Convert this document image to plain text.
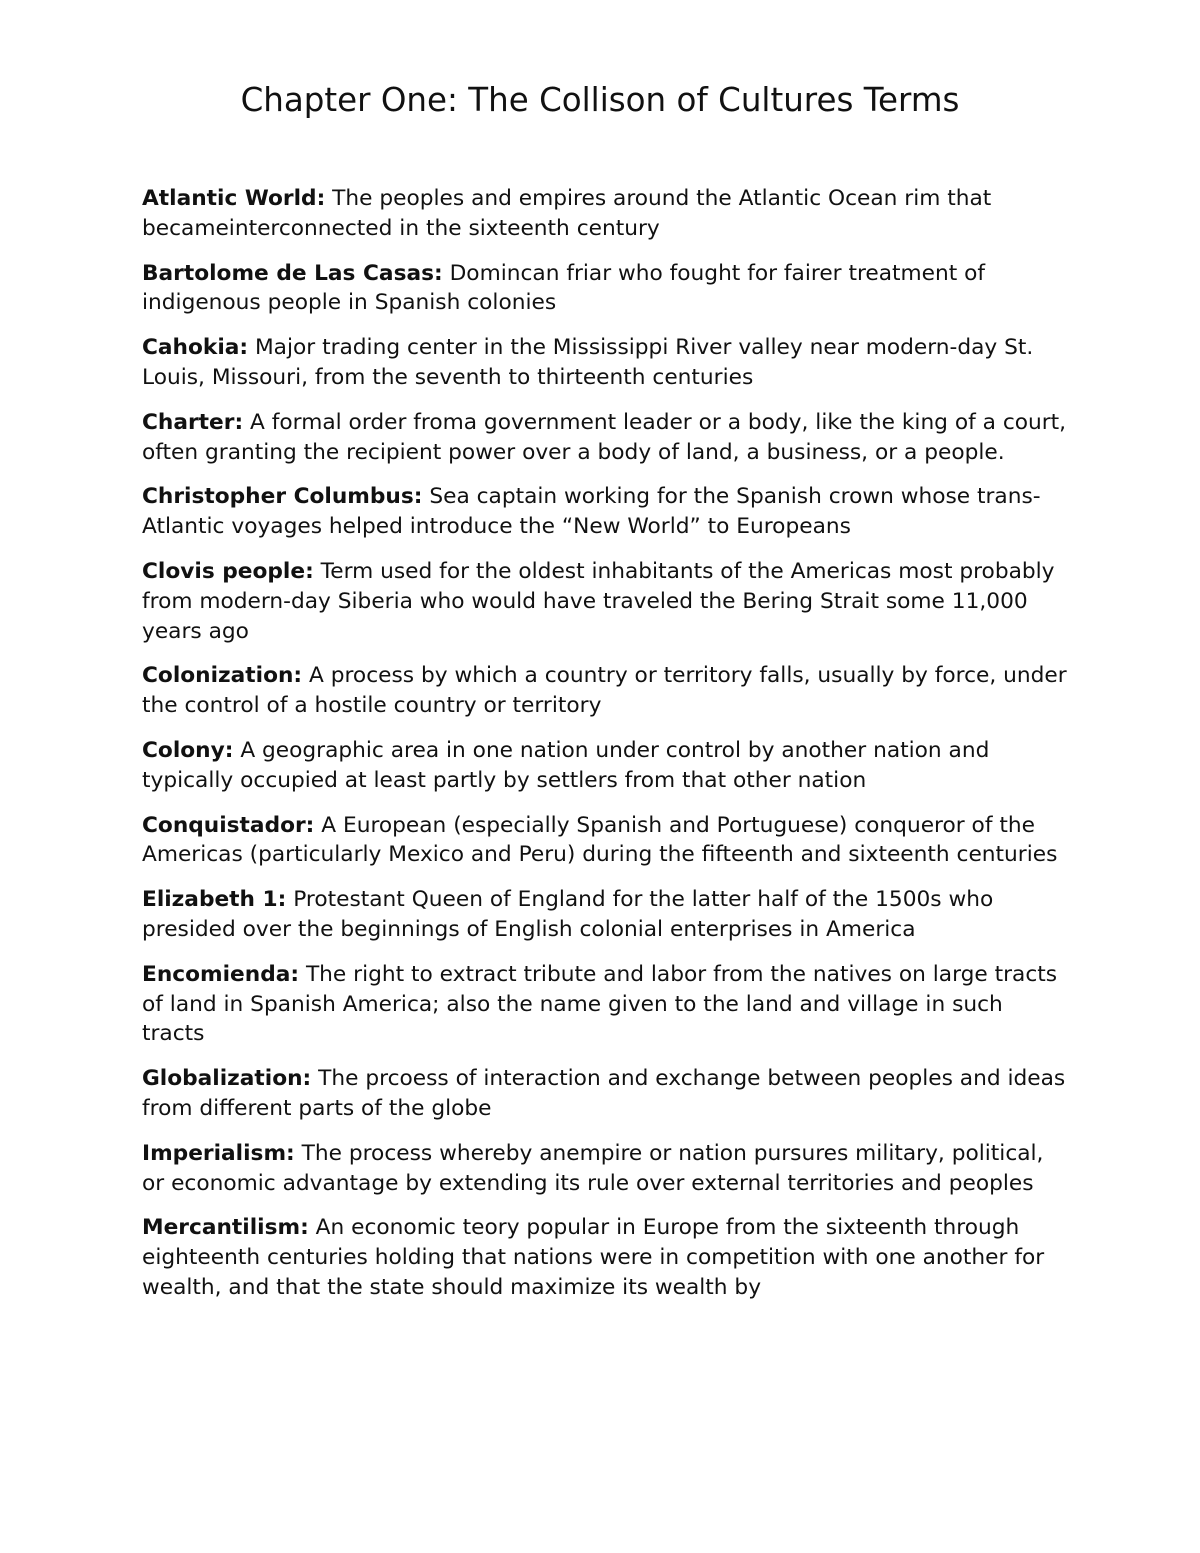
Chapter One: The Collison of Cultures Terms
Atlantic World: The peoples and empires around the Atlantic Ocean rim that becameinterconnected in the sixteenth century
Bartolome de Las Casas: Domincan friar who fought for fairer treatment of indigenous people in Spanish colonies
Cahokia: Major trading center in the Mississippi River valley near modern-day St. Louis, Missouri, from the seventh to thirteenth centuries
Charter: A formal order froma government leader or a body, like the king of a court, often granting the recipient power over a body of land, a business, or a people.
Christopher Columbus: Sea captain working for the Spanish crown whose trans-Atlantic voyages helped introduce the “New World” to Europeans
Clovis people: Term used for the oldest inhabitants of the Americas most probably from modern-day Siberia who would have traveled the Bering Strait some 11,000 years ago
Colonization: A process by which a country or territory falls, usually by force, under the control of a hostile country or territory
Colony: A geographic area in one nation under control by another nation and typically occupied at least partly by settlers from that other nation
Conquistador: A European (especially Spanish and Portuguese) conqueror of the Americas (particularly Mexico and Peru) during the fifteenth and sixteenth centuries
Elizabeth 1: Protestant Queen of England for the latter half of the 1500s who presided over the beginnings of English colonial enterprises in America
Encomienda: The right to extract tribute and labor from the natives on large tracts of land in Spanish America; also the name given to the land and village in such tracts
Globalization: The prcoess of interaction and exchange between peoples and ideas from different parts of the globe
Imperialism: The process whereby anempire or nation pursures military, political, or economic advantage by extending its rule over external territories and peoples
Mercantilism: An economic teory popular in Europe from the sixteenth through eighteenth centuries holding that nations were in competition with one another for wealth, and that the state should maximize its wealth by
